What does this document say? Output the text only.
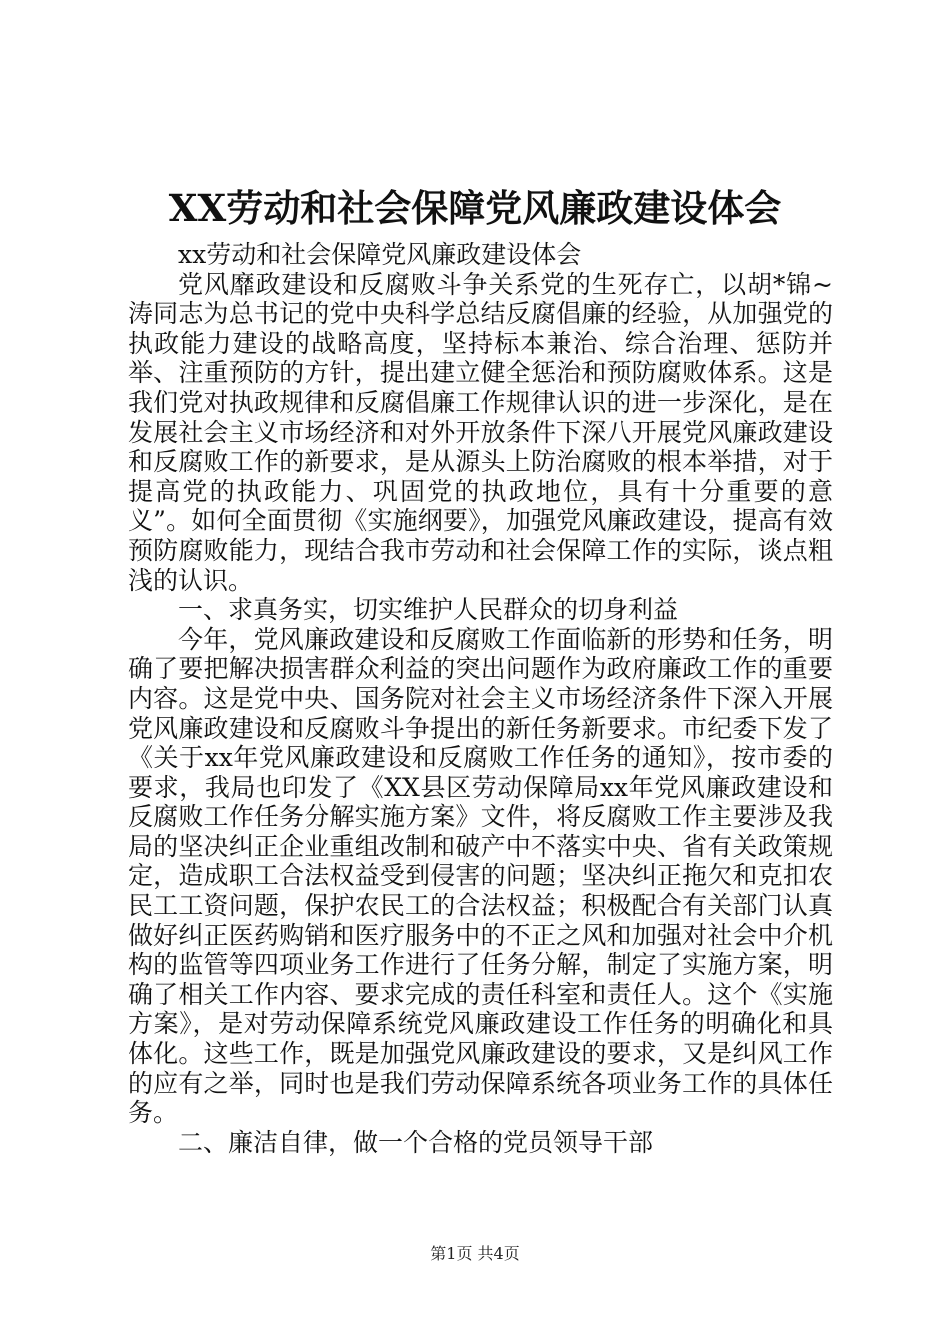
XX劳动和社会保障党风廉政建设体会

xx劳动和社会保障党风廉政建设体会

党风靡政建设和反腐败斗争关系党的生死存亡，以胡*锦~涛同志为总书记的党中央科学总结反腐倡廉的经验，从加强党的执政能力建设的战略高度，坚持标本兼治、综合治理、惩防并举、注重预防的方针，提出建立健全惩治和预防腐败体系。这是我们党对执政规律和反腐倡廉工作规律认识的进一步深化，是在发展社会主义市场经济和对外开放条件下深八开展党风廉政建设和反腐败工作的新要求，是从源头上防治腐败的根本举措，对于提高党的执政能力、巩固党的执政地位，具有十分重要的意义”。如何全面贯彻《实施纲要》，加强党风廉政建设，提高有效预防腐败能力，现结合我市劳动和社会保障工作的实际，谈点粗浅的认识。

一、求真务实，切实维护人民群众的切身利益

今年，党风廉政建设和反腐败工作面临新的形势和任务，明确了要把解决损害群众利益的突出问题作为政府廉政工作的重要内容。这是党中央、国务院对社会主义市场经济条件下深入开展党风廉政建设和反腐败斗争提出的新任务新要求。市纪委下发了《关于xx年党风廉政建设和反腐败工作任务的通知》，按市委的要求，我局也印发了《XX县区劳动保障局xx年党风廉政建设和反腐败工作任务分解实施方案》文件，将反腐败工作主要涉及我局的坚决纠正企业重组改制和破产中不落实中央、省有关政策规定，造成职工合法权益受到侵害的问题；坚决纠正拖欠和克扣农民工工资问题，保护农民工的合法权益；积极配合有关部门认真做好纠正医药购销和医疗服务中的不正之风和加强对社会中介机构的监管等四项业务工作进行了任务分解，制定了实施方案，明确了相关工作内容、要求完成的责任科室和责任人。这个《实施方案》，是对劳动保障系统党风廉政建设工作任务的明确化和具体化。这些工作，既是加强党风廉政建设的要求，又是纠风工作的应有之举，同时也是我们劳动保障系统各项业务工作的具体任务。

二、廉洁自律，做一个合格的党员领导干部

第1页 共4页
